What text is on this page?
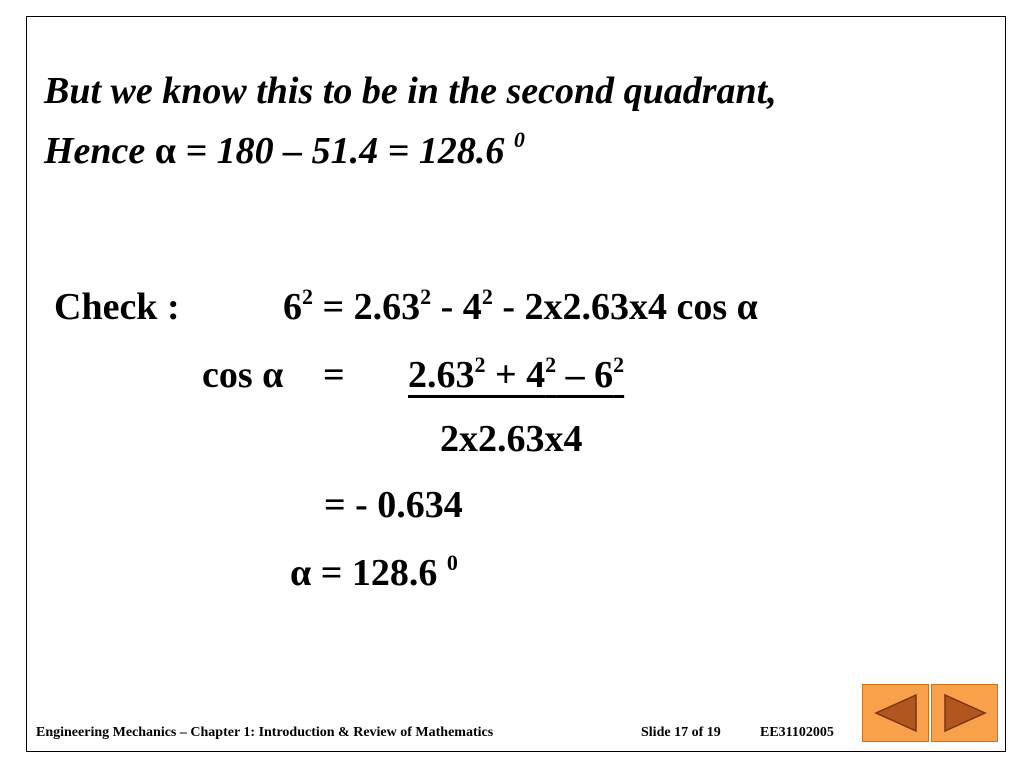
But we know this to be in the second quadrant,
Hence α = 180 – 51.4 = 128.6 $^0$
Check :	$6^2 = 2.63^2 - 4^2 - 2x2.63x4$ cos α
$\cos \alpha = 2.63^2 + 4^2 - 6^2$
2x2.63x4
= - 0.634
α = 128.6 $^0$
Engineering Mechanics – Chapter 1: Introduction & Review of Mathematics	Slide 17 of 19	EE31102005
